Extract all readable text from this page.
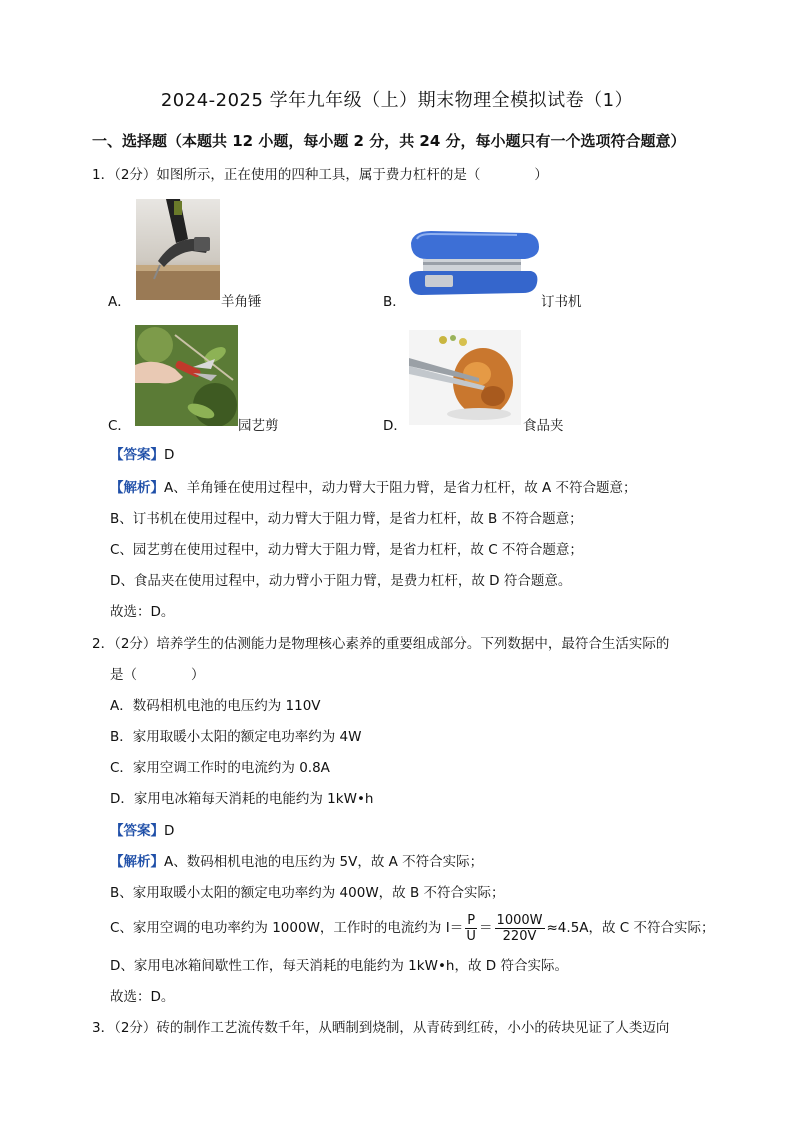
2024-2025 学年九年级（上）期末物理全模拟试卷（1）
一、选择题（本题共 12 小题，每小题 2 分，共 24 分，每小题只有一个选项符合题意）
1．（2分）如图所示，正在使用的四种工具，属于费力杠杆的是（　　　　）
A．	羊角锤	B．	订书机
C．	园艺剪	D．	食品夹
【答案】D
【解析】A、羊角锤在使用过程中，动力臂大于阻力臂，是省力杠杆，故 A 不符合题意；
B、订书机在使用过程中，动力臂大于阻力臂，是省力杠杆，故 B 不符合题意；
C、园艺剪在使用过程中，动力臂大于阻力臂，是省力杠杆，故 C 不符合题意；
D、食品夹在使用过程中，动力臂小于阻力臂，是费力杠杆，故 D 符合题意。
故选：D。
2．（2分）培养学生的估测能力是物理核心素养的重要组成部分。下列数据中，最符合生活实际的
是（　　　　）
A．数码相机电池的电压约为 110V
B．家用取暖小太阳的额定电功率约为 4W
C．家用空调工作时的电流约为 0.8A
D．家用电冰箱每天消耗的电能约为 1kW•h
【答案】D
【解析】A、数码相机电池的电压约为 5V，故 A 不符合实际；
B、家用取暖小太阳的额定电功率约为 400W，故 B 不符合实际；
C、家用空调的电功率约为 1000W，工作时的电流约为 $I= \frac{P}{U} = \frac{1000W}{220V} \approx 4.5A$，故 C 不符合实际；
D、家用电冰箱间歇性工作，每天消耗的电能约为 1kW•h，故 D 符合实际。
故选：D。
3．（2分）砖的制作工艺流传数千年，从晒制到烧制，从青砖到红砖，小小的砖块见证了人类迈向
